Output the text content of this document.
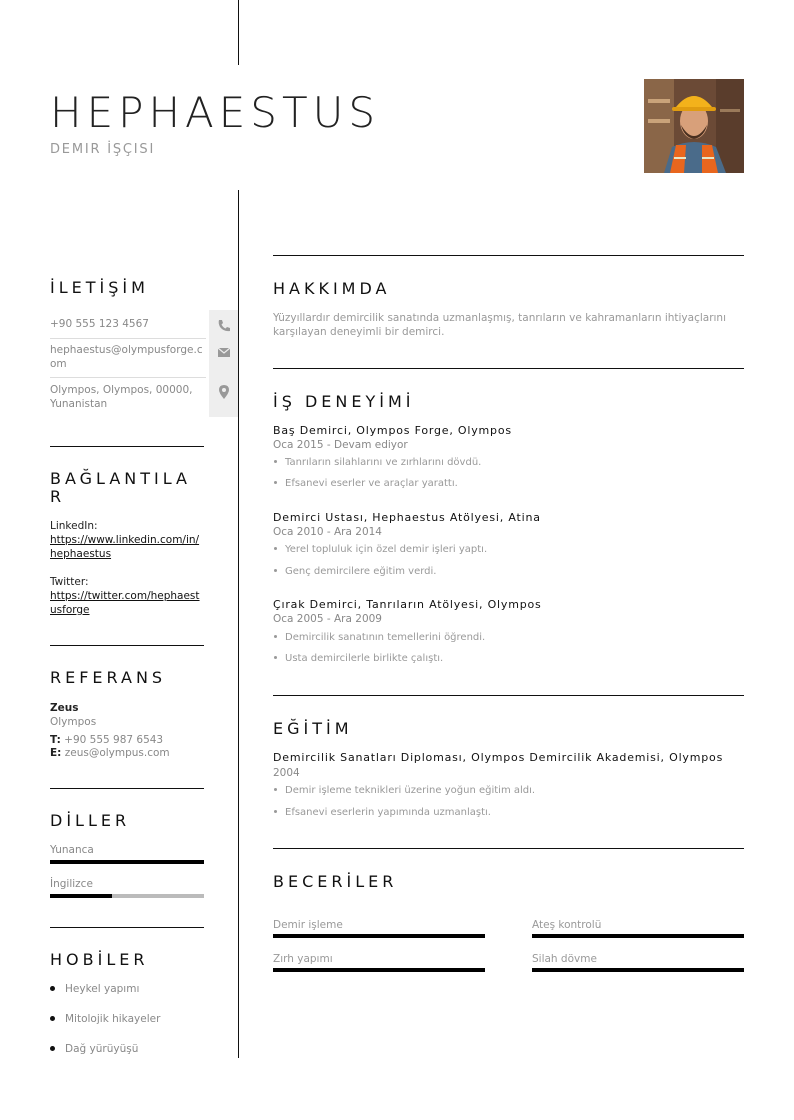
HEPHAESTUS
DEMIR İŞÇISI
İLETİŞİM
+90 555 123 4567
hephaestus@olympusforge.com
Olympos, Olympos, 00000, Yunanistan
BAĞLANTILAR
LinkedIn:
https://www.linkedin.com/in/hephaestus
Twitter:
https://twitter.com/hephaestusforge
REFERANS
Zeus
Olympos
T: +90 555 987 6543
E: zeus@olympus.com
DİLLER
Yunanca
İngilizce
HOBİLER
Heykel yapımı
Mitolojik hikayeler
Dağ yürüyüşü
HAKKIMDA
Yüzyıllardır demircilik sanatında uzmanlaşmış, tanrıların ve kahramanların ihtiyaçlarını karşılayan deneyimli bir demirci.
İŞ DENEYİMİ
Baş Demirci, Olympos Forge, Olympos
Oca 2015 - Devam ediyor
Tanrıların silahlarını ve zırhlarını dövdü.
Efsanevi eserler ve araçlar yarattı.
Demirci Ustası, Hephaestus Atölyesi, Atina
Oca 2010 - Ara 2014
Yerel topluluk için özel demir işleri yaptı.
Genç demircilere eğitim verdi.
Çırak Demirci, Tanrıların Atölyesi, Olympos
Oca 2005 - Ara 2009
Demircilik sanatının temellerini öğrendi.
Usta demircilerle birlikte çalıştı.
EĞİTİM
Demircilik Sanatları Diploması, Olympos Demircilik Akademisi, Olympos
2004
Demir işleme teknikleri üzerine yoğun eğitim aldı.
Efsanevi eserlerin yapımında uzmanlaştı.
BECERİLER
Demir işleme	Ateş kontrolü
Zırh yapımı	Silah dövme
